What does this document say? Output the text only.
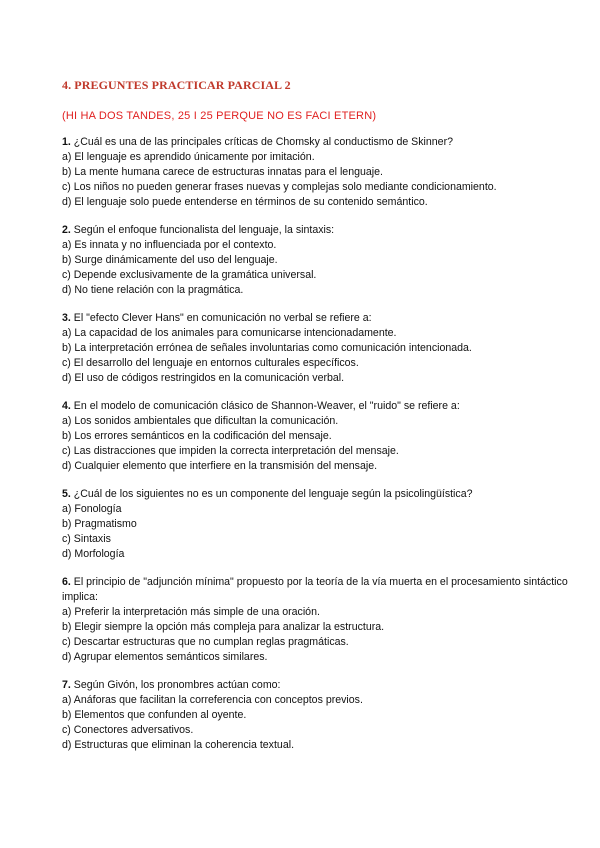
4. PREGUNTES PRACTICAR PARCIAL 2
(HI HA DOS TANDES, 25 I 25 PERQUE NO ES FACI ETERN)

1. ¿Cuál es una de las principales críticas de Chomsky al conductismo de Skinner?

a) El lenguaje es aprendido únicamente por imitación.

b) La mente humana carece de estructuras innatas para el lenguaje.

c) Los niños no pueden generar frases nuevas y complejas solo mediante condicionamiento.

d) El lenguaje solo puede entenderse en términos de su contenido semántico.

2. Según el enfoque funcionalista del lenguaje, la sintaxis:

a) Es innata y no influenciada por el contexto.

b) Surge dinámicamente del uso del lenguaje.

c) Depende exclusivamente de la gramática universal.

d) No tiene relación con la pragmática.

3. El "efecto Clever Hans" en comunicación no verbal se refiere a:

a) La capacidad de los animales para comunicarse intencionadamente.

b) La interpretación errónea de señales involuntarias como comunicación intencionada.

c) El desarrollo del lenguaje en entornos culturales específicos.

d) El uso de códigos restringidos en la comunicación verbal.

4. En el modelo de comunicación clásico de Shannon-Weaver, el "ruido" se refiere a:

a) Los sonidos ambientales que dificultan la comunicación.

b) Los errores semánticos en la codificación del mensaje.

c) Las distracciones que impiden la correcta interpretación del mensaje.

d) Cualquier elemento que interfiere en la transmisión del mensaje.

5. ¿Cuál de los siguientes no es un componente del lenguaje según la psicolingüística?

a) Fonología

b) Pragmatismo

c) Sintaxis

d) Morfología

6. El principio de "adjunción mínima" propuesto por la teoría de la vía muerta en el procesamiento sintáctico implica:

a) Preferir la interpretación más simple de una oración.

b) Elegir siempre la opción más compleja para analizar la estructura.

c) Descartar estructuras que no cumplan reglas pragmáticas.

d) Agrupar elementos semánticos similares.

7. Según Givón, los pronombres actúan como:

a) Anáforas que facilitan la correferencia con conceptos previos.

b) Elementos que confunden al oyente.

c) Conectores adversativos.

d) Estructuras que eliminan la coherencia textual.
